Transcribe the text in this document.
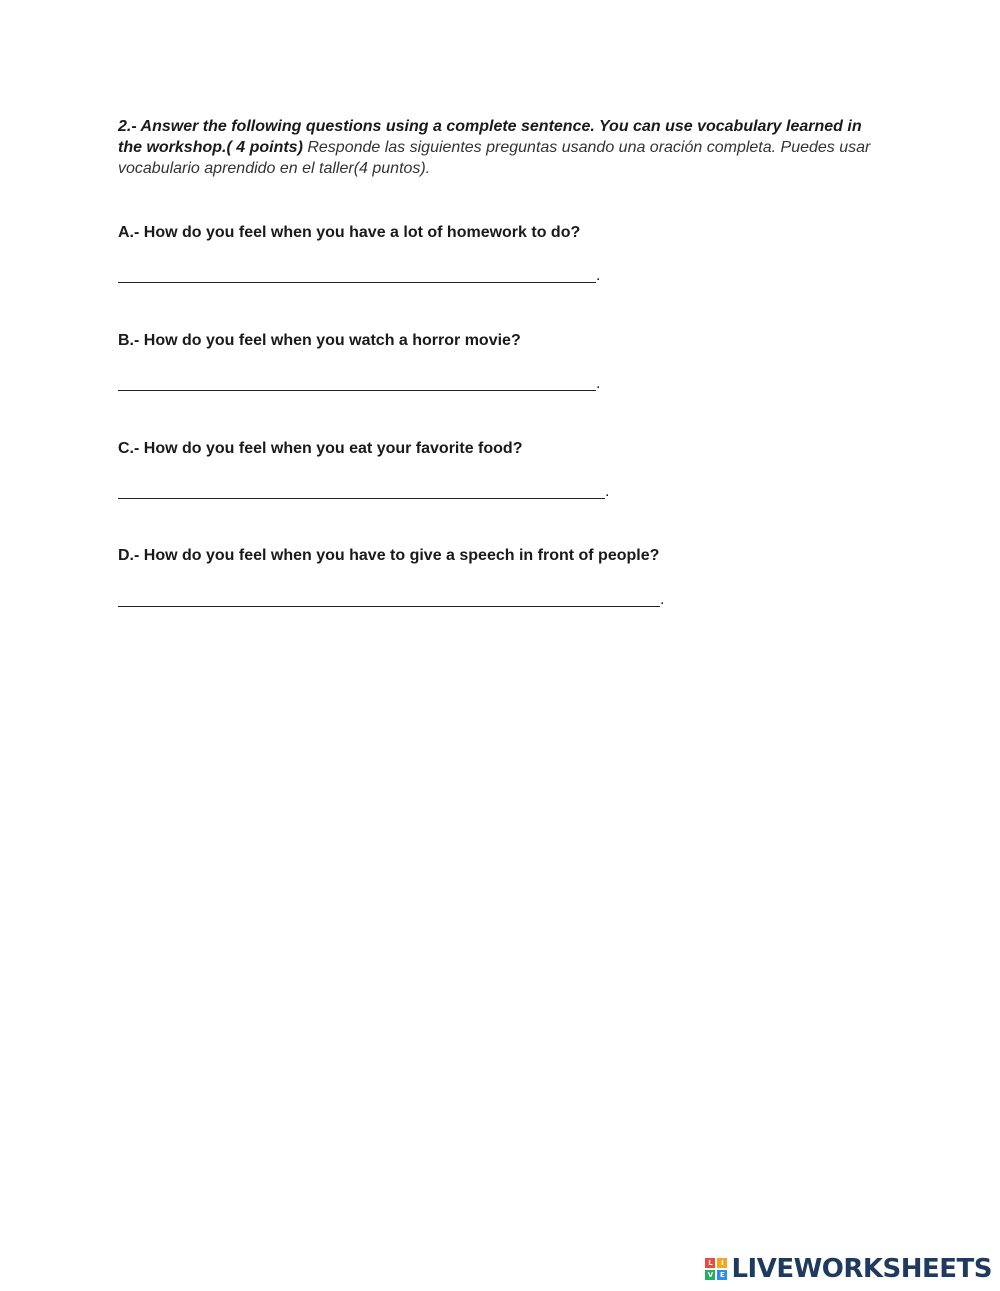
2.- Answer the following questions using a complete sentence. You can use vocabulary learned in the workshop.( 4 points) Responde las siguientes preguntas usando una oración completa. Puedes usar vocabulario aprendido en el taller(4 puntos).
A.- How do you feel when you have a lot of homework to do?
.
B.- How do you feel when you watch a horror movie?
.
C.- How do you feel when you eat your favorite food?
.
D.- How do you feel when you have to give a speech in front of people?
.
L	I
V E LIVEWORKSHEETS
